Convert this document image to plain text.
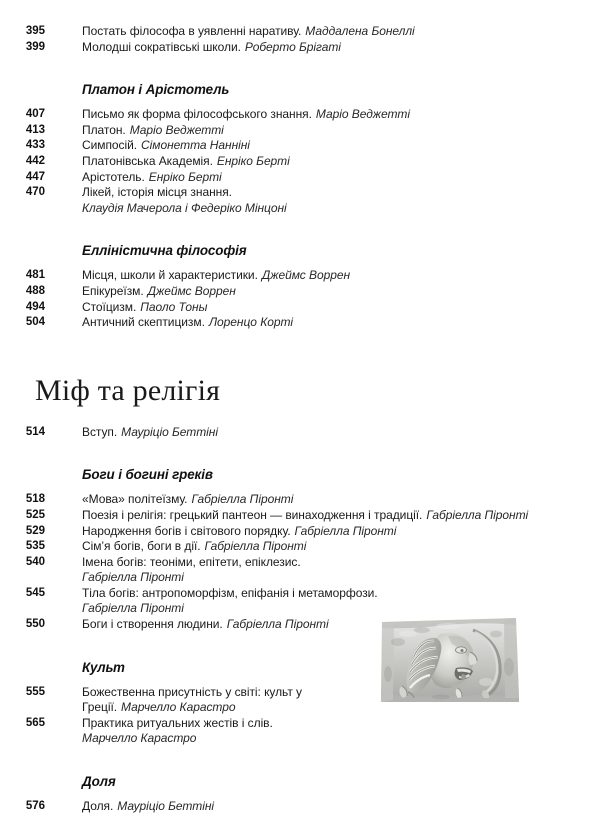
395	Постать філософа в уявленні наративу. Маддалена Бонеллі
399	Молодші сократівські школи. Роберто Брігаті
Платон і Арістотель
407	Письмо як форма філософського знання. Маріо Веджетті
413	Платон. Маріо Веджетті
433	Симпосій. Сімонетта Нанніні
442	Платонівська Академія. Енріко Берті
447	Арістотель. Енріко Берті
470	Лікей, історія місця знання.
Клаудія Мачерола і Федеріко Мінцоні
Елліністична філософія
481	Місця, школи й характеристики. Джеймс Воррен
488	Епікуреїзм. Джеймс Воррен
494	Стоїцизм. Паоло Тоны
504	Античний скептицизм. Лоренцо Корті
Міф та релігія
514	Вступ. Мауріціо Беттіні
Боги і богині греків
518	«Мова» політеїзму. Габріелла Піронті
525	Поезія і релігія: грецький пантеон — винаходження і традиції. Габріелла Піронті
529	Народження богів і світового порядку. Габріелла Піронті
535	Сім’я богів, боги в дії. Габріелла Піронті
540	Імена богів: теоніми, епітети, епіклезис.
Габріелла Піронті
545	Тіла богів: антропоморфізм, епіфанія і метаморфози.
Габріелла Піронті
550	Боги і створення людини. Габріелла Піронті
Культ
555	Божественна присутність у світі: культ у Греції. Марчелло Карастро
565	Практика ритуальних жестів і слів.
Марчелло Карастро
Доля
576	Доля. Мауріціо Беттіні
